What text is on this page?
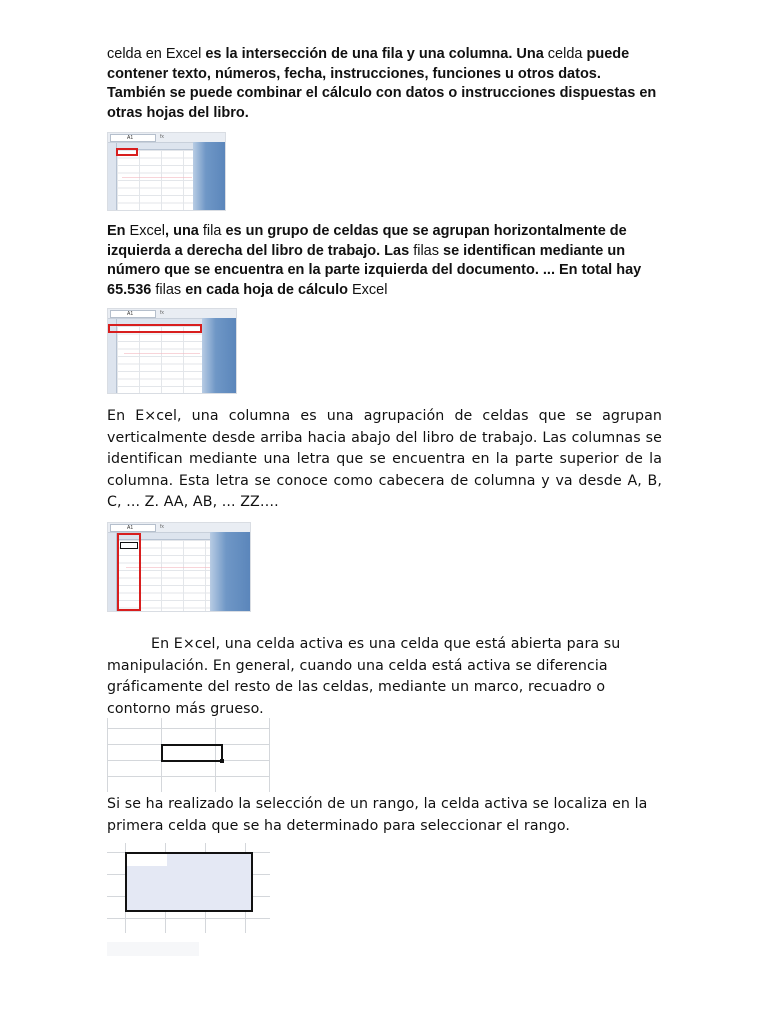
celda en Excel es la intersección de una fila y una columna. Una celda puede contener texto, números, fecha, instrucciones, funciones u otros datos. También se puede combinar el cálculo con datos o instrucciones dispuestas en otras hojas del libro.

A1	fx

En Excel, una fila es un grupo de celdas que se agrupan horizontalmente de izquierda a derecha del libro de trabajo. Las filas se identifican mediante un número que se encuentra en la parte izquierda del documento. ... En total hay 65.536 filas en cada hoja de cálculo Excel

A1	fx

En E×cel, una columna es una agrupación de celdas que se agrupan verticalmente desde arriba hacia abajo del libro de trabajo. Las columnas se identifican mediante una letra que se encuentra en la parte superior de la columna. Esta letra se conoce como cabecera de columna y va desde A, B, C, ... Z. AA, AB, ... ZZ….

A1	fx

En E×cel, una celda activa es una celda que está abierta para su manipulación. En general, cuando una celda está activa se diferencia gráficamente del resto de las celdas, mediante un marco, recuadro o contorno más grueso.

Si se ha realizado la selección de un rango, la celda activa se localiza en la primera celda que se ha determinado para seleccionar el rango.
